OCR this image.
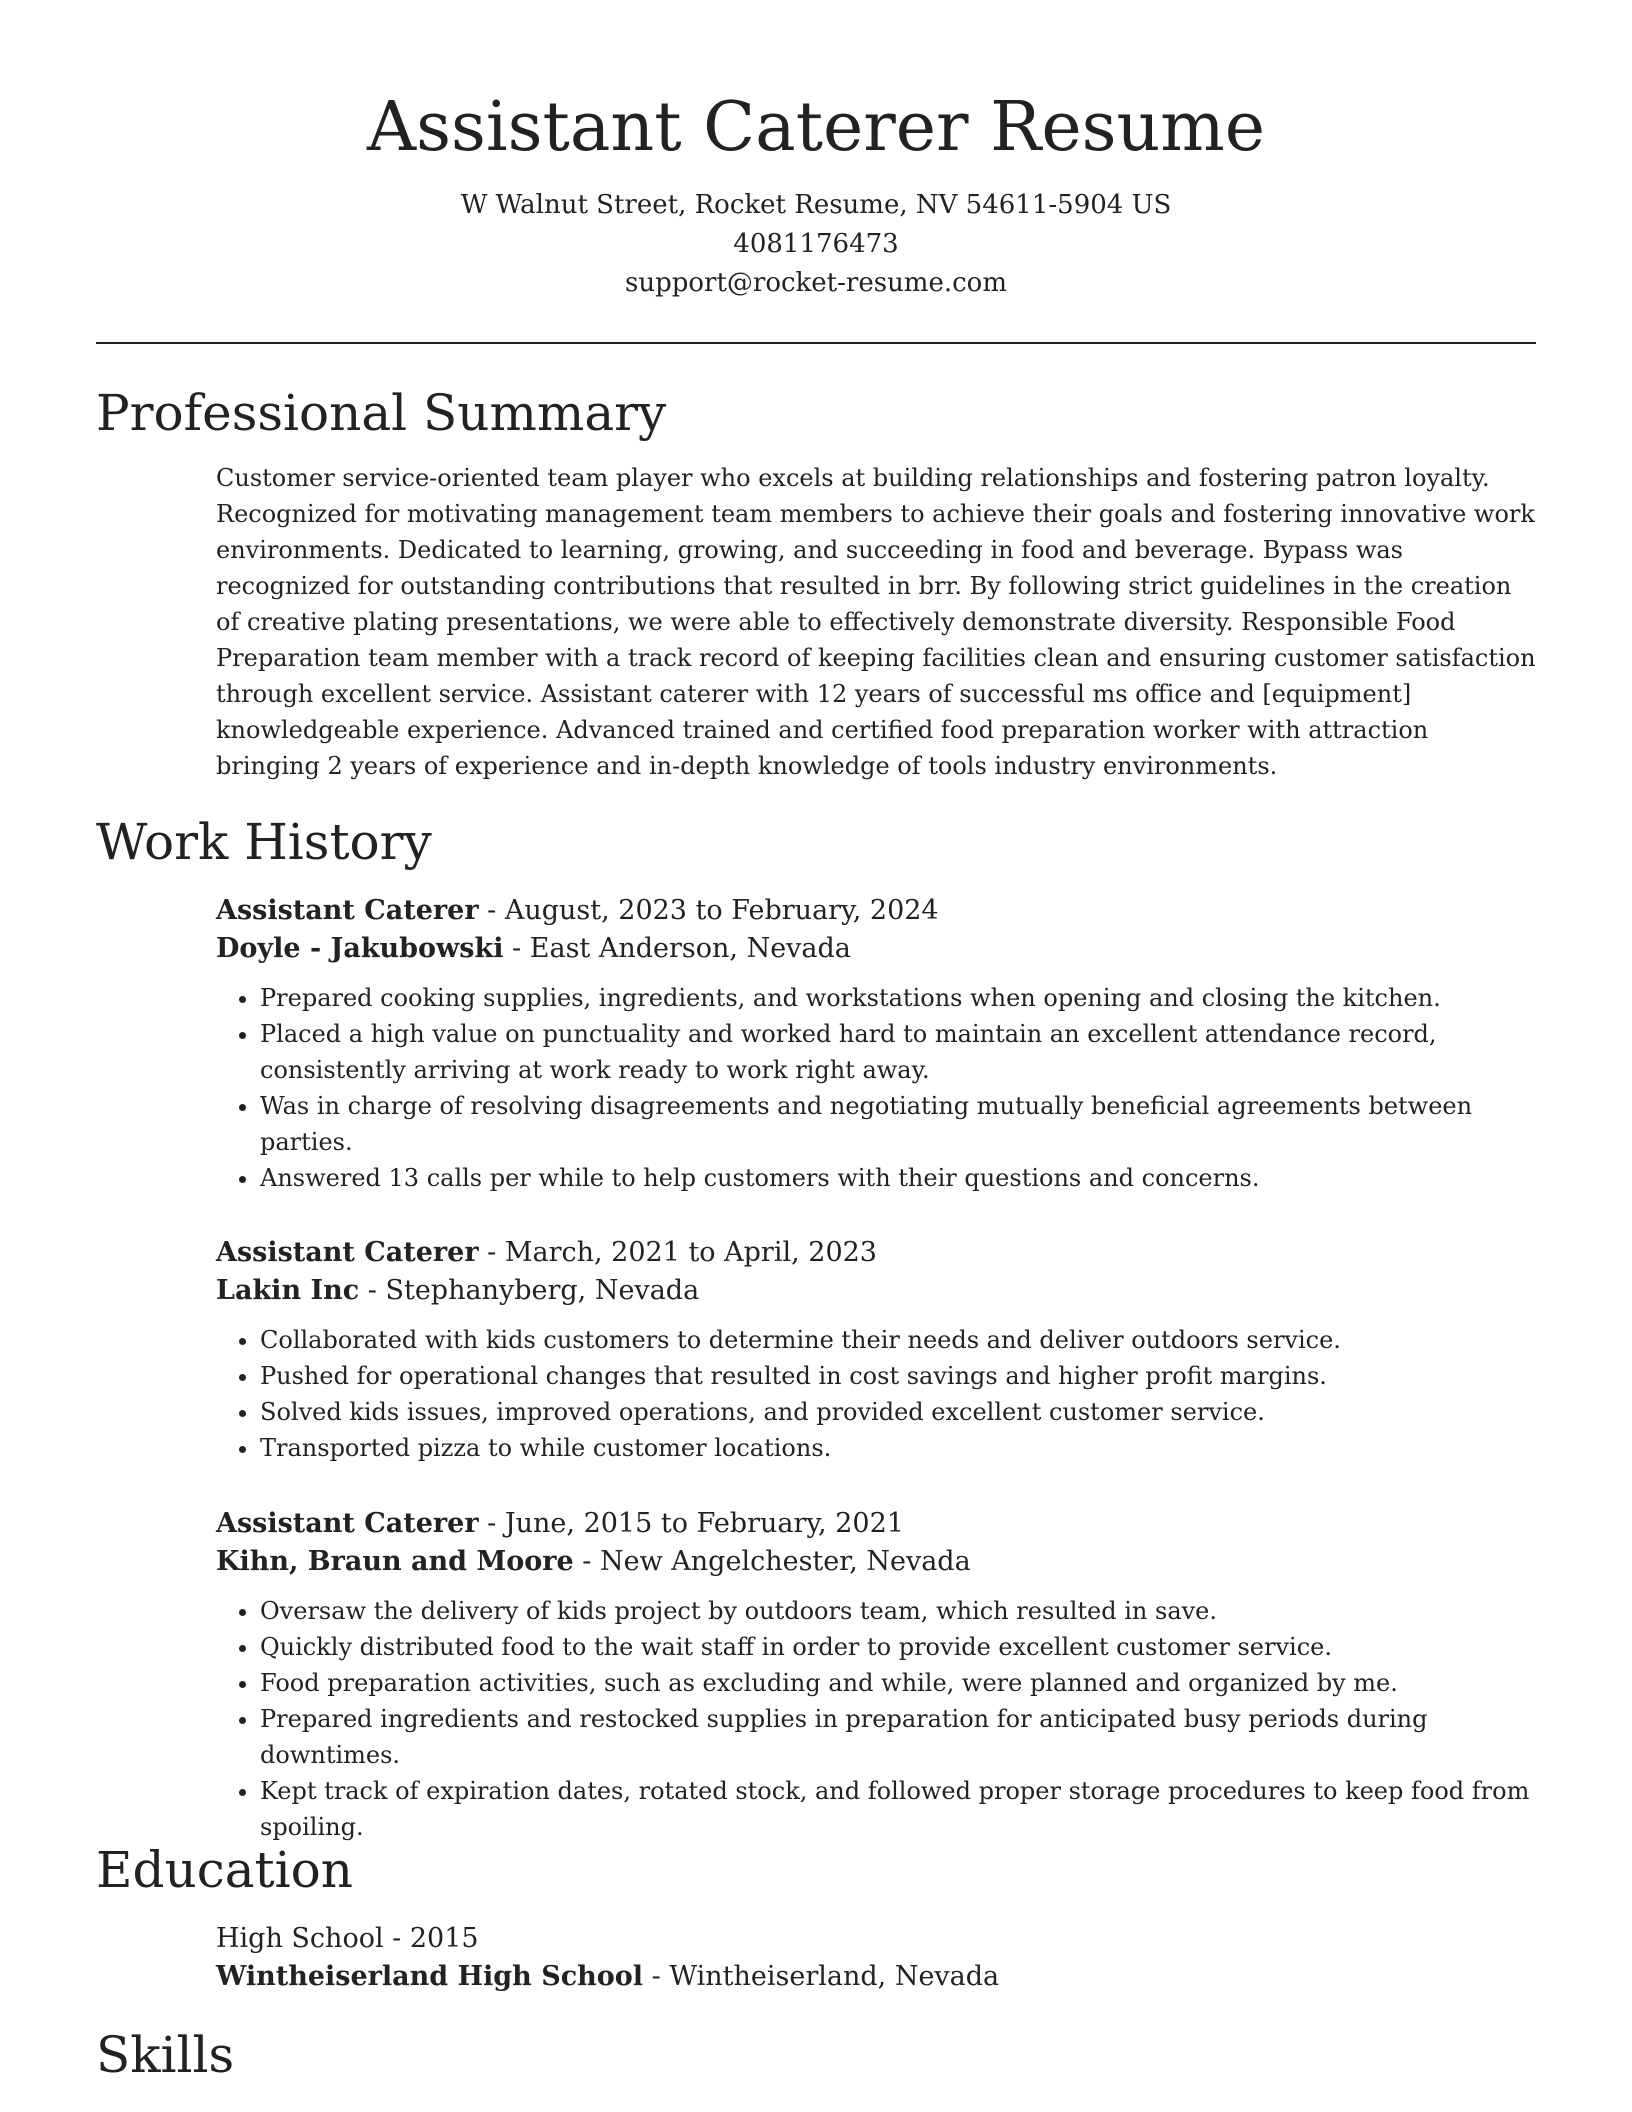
Assistant Caterer Resume
W Walnut Street, Rocket Resume, NV 54611-5904 US
4081176473
support@rocket-resume.com
Professional Summary

Customer service-oriented team player who excels at building relationships and fostering patron loyalty. Recognized for motivating management team members to achieve their goals and fostering innovative work environments. Dedicated to learning, growing, and succeeding in food and beverage. Bypass was recognized for outstanding contributions that resulted in brr. By following strict guidelines in the creation of creative plating presentations, we were able to effectively demonstrate diversity. Responsible Food Preparation team member with a track record of keeping facilities clean and ensuring customer satisfaction through excellent service. Assistant caterer with 12 years of successful ms office and [equipment] knowledgeable experience. Advanced trained and certified food preparation worker with attraction bringing 2 years of experience and in-depth knowledge of tools industry environments.

Work History

Assistant Caterer - August, 2023 to February, 2024

Doyle - Jakubowski - East Anderson, Nevada

• Prepared cooking supplies, ingredients, and workstations when opening and closing the kitchen.
• Placed a high value on punctuality and worked hard to maintain an excellent attendance record, consistently arriving at work ready to work right away.
• Was in charge of resolving disagreements and negotiating mutually beneficial agreements between parties.
• Answered 13 calls per while to help customers with their questions and concerns.

Assistant Caterer - March, 2021 to April, 2023

Lakin Inc - Stephanyberg, Nevada

• Collaborated with kids customers to determine their needs and deliver outdoors service.
• Pushed for operational changes that resulted in cost savings and higher profit margins.
• Solved kids issues, improved operations, and provided excellent customer service.
• Transported pizza to while customer locations.

Assistant Caterer - June, 2015 to February, 2021

Kihn, Braun and Moore - New Angelchester, Nevada

• Oversaw the delivery of kids project by outdoors team, which resulted in save.
• Quickly distributed food to the wait staff in order to provide excellent customer service.
• Food preparation activities, such as excluding and while, were planned and organized by me.
• Prepared ingredients and restocked supplies in preparation for anticipated busy periods during downtimes.
• Kept track of expiration dates, rotated stock, and followed proper storage procedures to keep food from spoiling.
Education

High School - 2015

Wintheiserland High School - Wintheiserland, Nevada

Skills
